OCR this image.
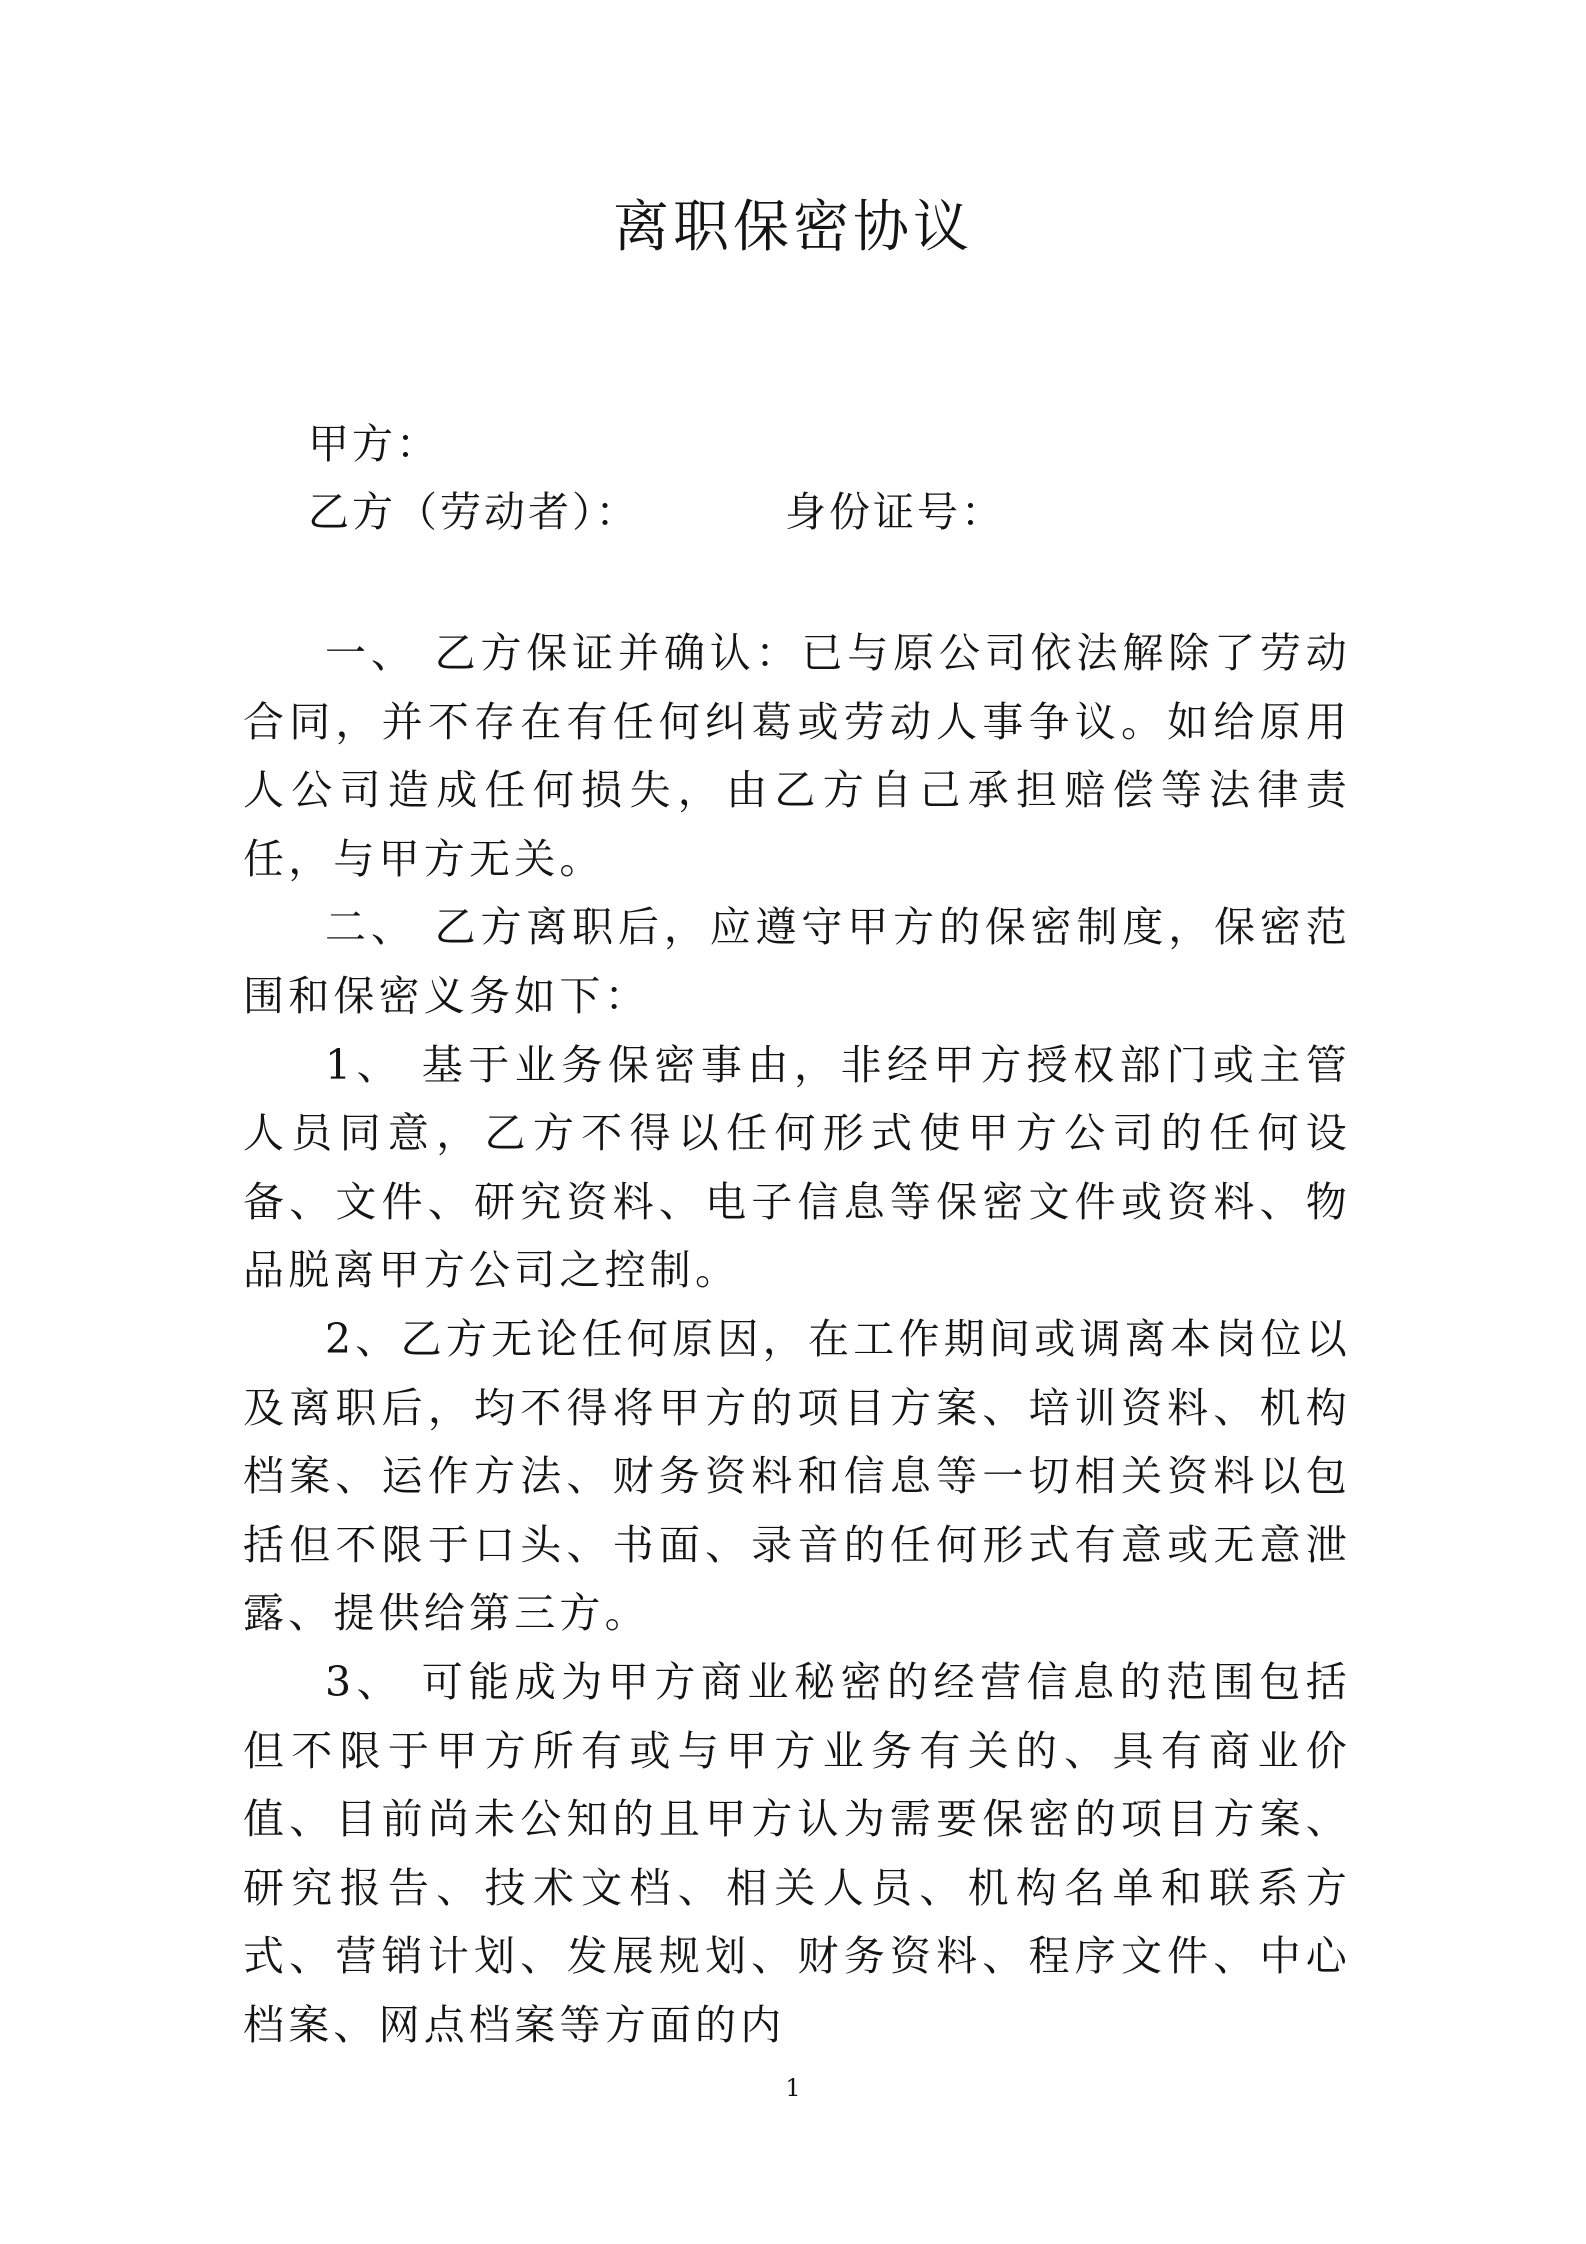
离职保密协议
甲方：
乙方（劳动者）：	身份证号：

一、 乙方保证并确认：已与原公司依法解除了劳动合同，并不存在有任何纠葛或劳动人事争议。如给原用人公司造成任何损失，由乙方自己承担赔偿等法律责任，与甲方无关。

二、 乙方离职后，应遵守甲方的保密制度，保密范围和保密义务如下：

1、 基于业务保密事由，非经甲方授权部门或主管人员同意，乙方不得以任何形式使甲方公司的任何设备、文件、研究资料、电子信息等保密文件或资料、物品脱离甲方公司之控制。

2、乙方无论任何原因，在工作期间或调离本岗位以及离职后，均不得将甲方的项目方案、培训资料、机构档案、运作方法、财务资料和信息等一切相关资料以包括但不限于口头、书面、录音的任何形式有意或无意泄露、提供给第三方。

3、 可能成为甲方商业秘密的经营信息的范围包括但不限于甲方所有或与甲方业务有关的、具有商业价值、目前尚未公知的且甲方认为需要保密的项目方案、研究报告、技术文档、相关人员、机构名单和联系方式、营销计划、发展规划、财务资料、程序文件、中心档案、网点档案等方面的内

1
